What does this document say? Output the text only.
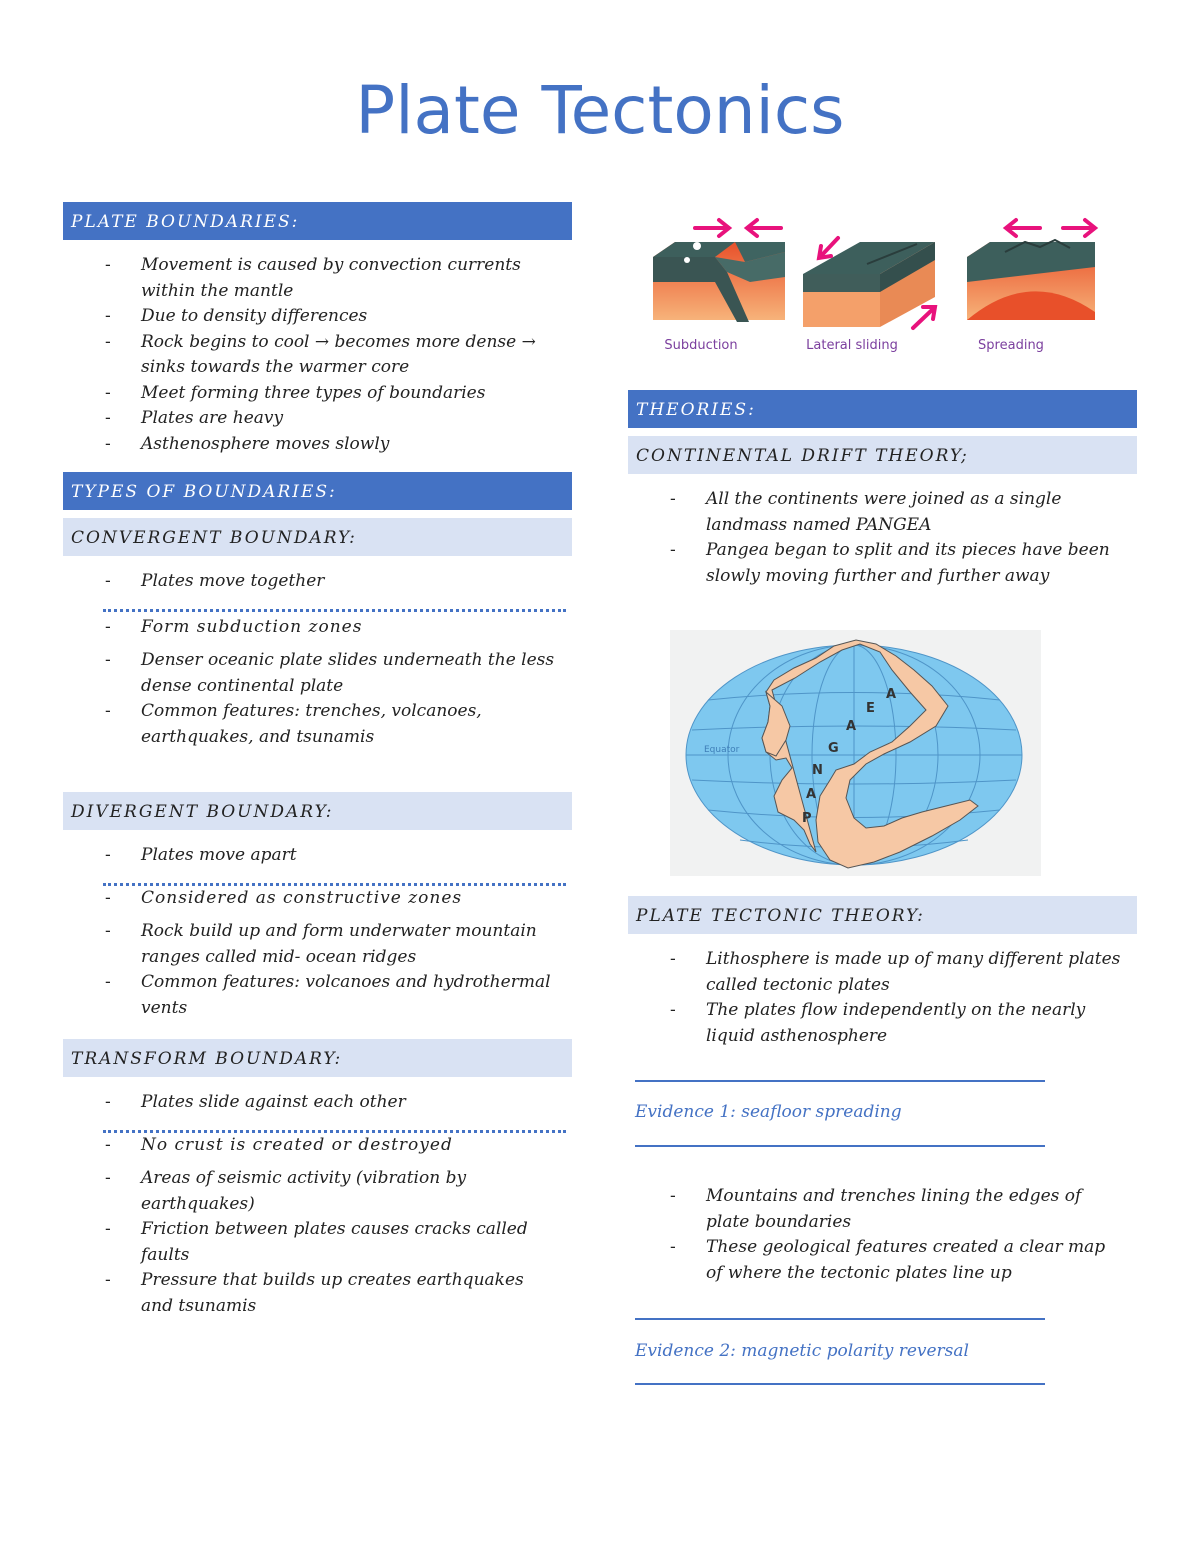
Plate Tectonics
PLATE BOUNDARIES:
- Movement is caused by convection currents within the mantle
- Due to density differences
- Rock begins to cool → becomes more dense → sinks towards the warmer core
- Meet forming three types of boundaries
- Plates are heavy
- Asthenosphere moves slowly
TYPES OF BOUNDARIES:
CONVERGENT BOUNDARY:
- Plates move together
- Form subduction zones
- Denser oceanic plate slides underneath the less dense continental plate
- Common features: trenches, volcanoes, earthquakes, and tsunamis
DIVERGENT BOUNDARY:
- Plates move apart
- Considered as constructive zones
- Rock build up and form underwater mountain ranges called mid- ocean ridges
- Common features: volcanoes and hydrothermal vents
TRANSFORM BOUNDARY:
- Plates slide against each other
- No crust is created or destroyed
- Areas of seismic activity (vibration by earthquakes)
- Friction between plates causes cracks called faults
- Pressure that builds up creates earthquakes and tsunamis
Subduction	Lateral sliding	Spreading
THEORIES:
CONTINENTAL DRIFT THEORY;
- All the continents were joined as a single landmass named PANGEA
- Pangea began to split and its pieces have been slowly moving further and further away
Equator
P
A
N
G
A
E
A
PLATE TECTONIC THEORY:
- Lithosphere is made up of many different plates called tectonic plates
- The plates flow independently on the nearly liquid asthenosphere
Evidence 1: seafloor spreading
- Mountains and trenches lining the edges of plate boundaries
- These geological features created a clear map of where the tectonic plates line up
Evidence 2: magnetic polarity reversal
